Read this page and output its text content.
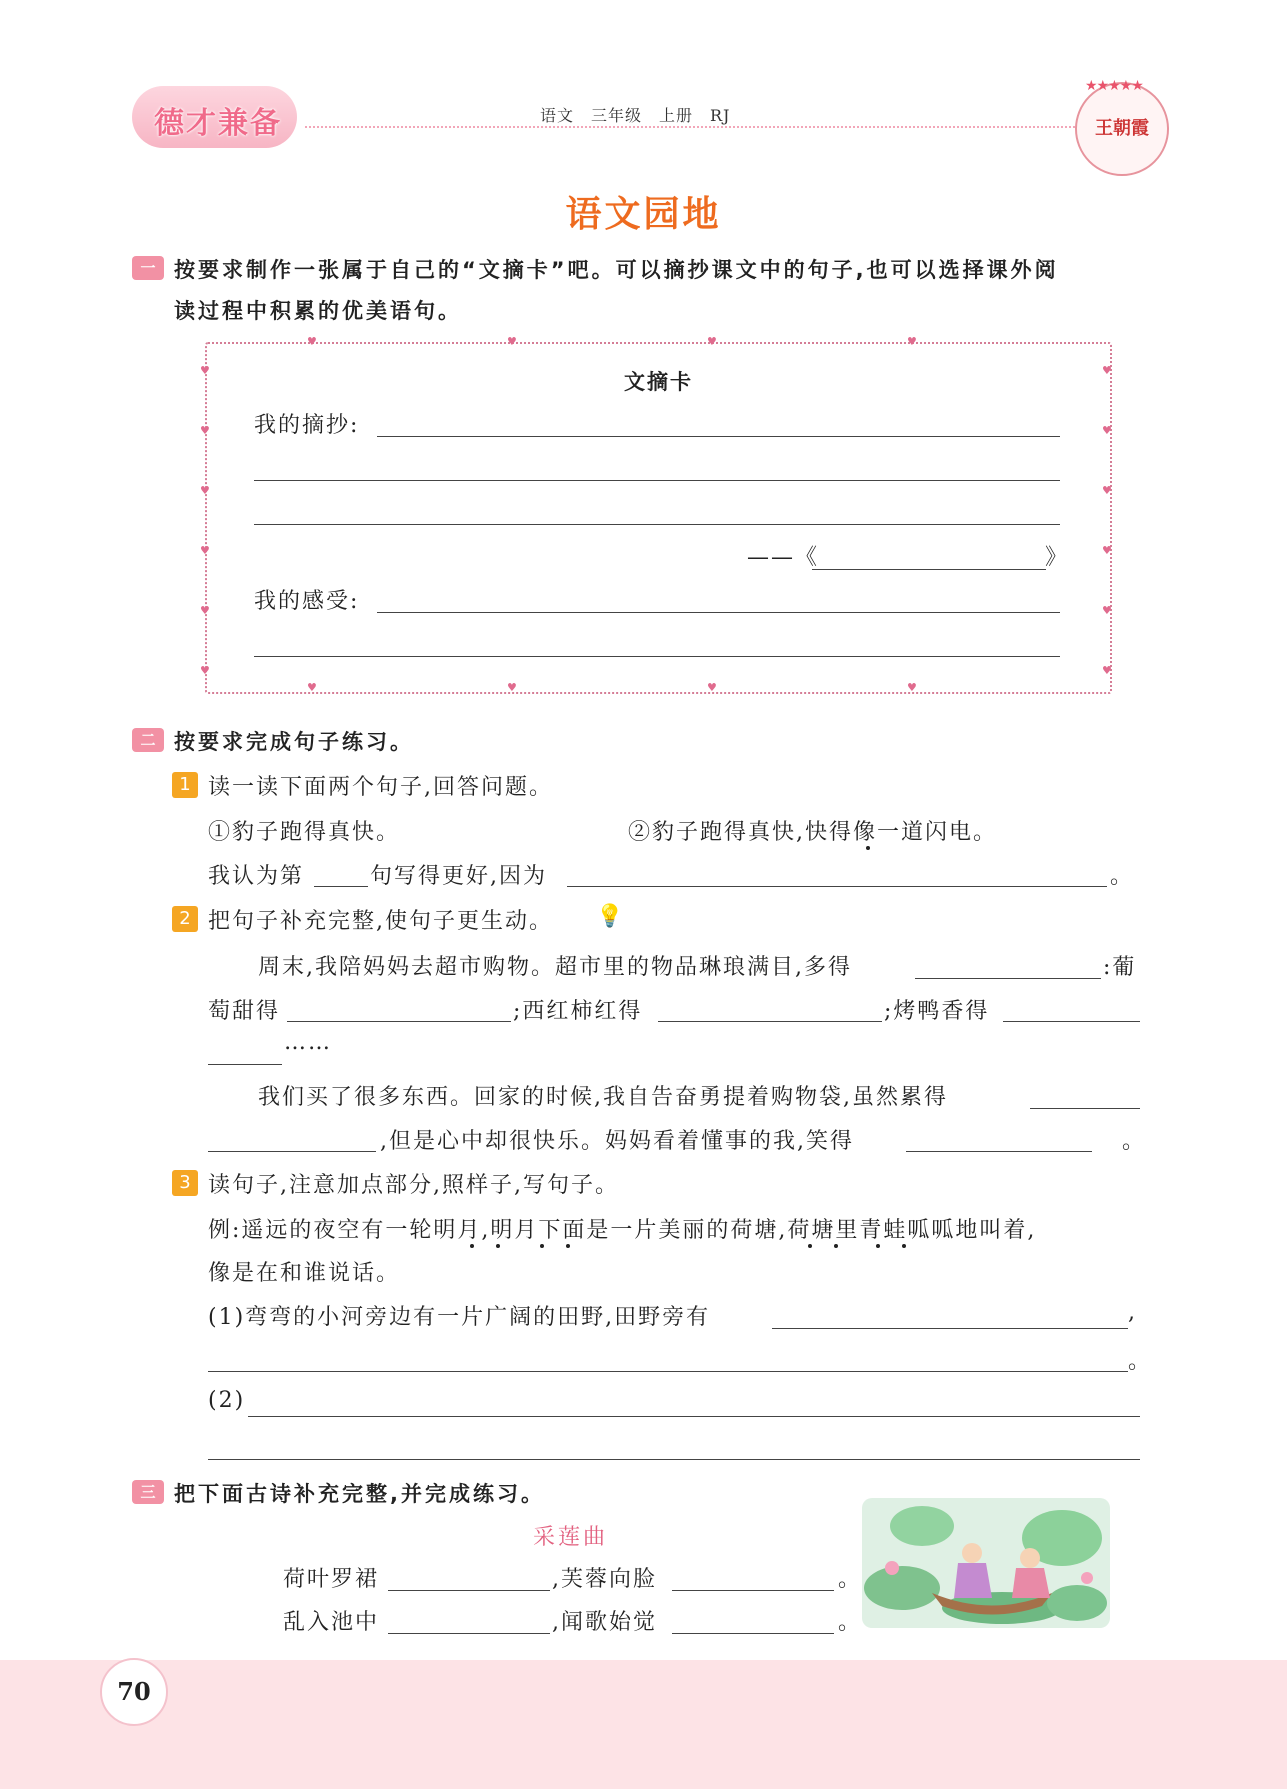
德才兼备	语文　三年级　上册　RJ
★★★★★
王朝霞
语文园地
一 按要求制作一张属于自己的“文摘卡”吧。可以摘抄课文中的句子,也可以选择课外阅
读过程中积累的优美语句。
文摘卡
我的摘抄:
——《	》
我的感受:
♥
♥
♥
♥
♥
♥
♥
♥
♥
♥
♥
♥
♥	♥	♥	♥
♥	♥	♥	♥
二 按要求完成句子练习。
1 读一读下面两个句子,回答问题。
①豹子跑得真快。	②豹子跑得真快,快得像一道闪电。
我认为第	句写得更好,因为	。
2 把句子补充完整,使句子更生动。 💡
周末,我陪妈妈去超市购物。超市里的物品琳琅满目,多得	:葡
萄甜得	;西红柿红得	;烤鸭香得
……
我们买了很多东西。回家的时候,我自告奋勇提着购物袋,虽然累得
,但是心中却很快乐。妈妈看着懂事的我,笑得	。
3 读句子,注意加点部分,照样子,写句子。
例:遥远的夜空有一轮明月,明月下面是一片美丽的荷塘,荷塘里青蛙呱呱地叫着,
像是在和谁说话。
(1)弯弯的小河旁边有一片广阔的田野,田野旁有	,
。
(2)
三 把下面古诗补充完整,并完成练习。
采莲曲
荷叶罗裙	,芙蓉向脸	。
乱入池中	,闻歌始觉	。
70
